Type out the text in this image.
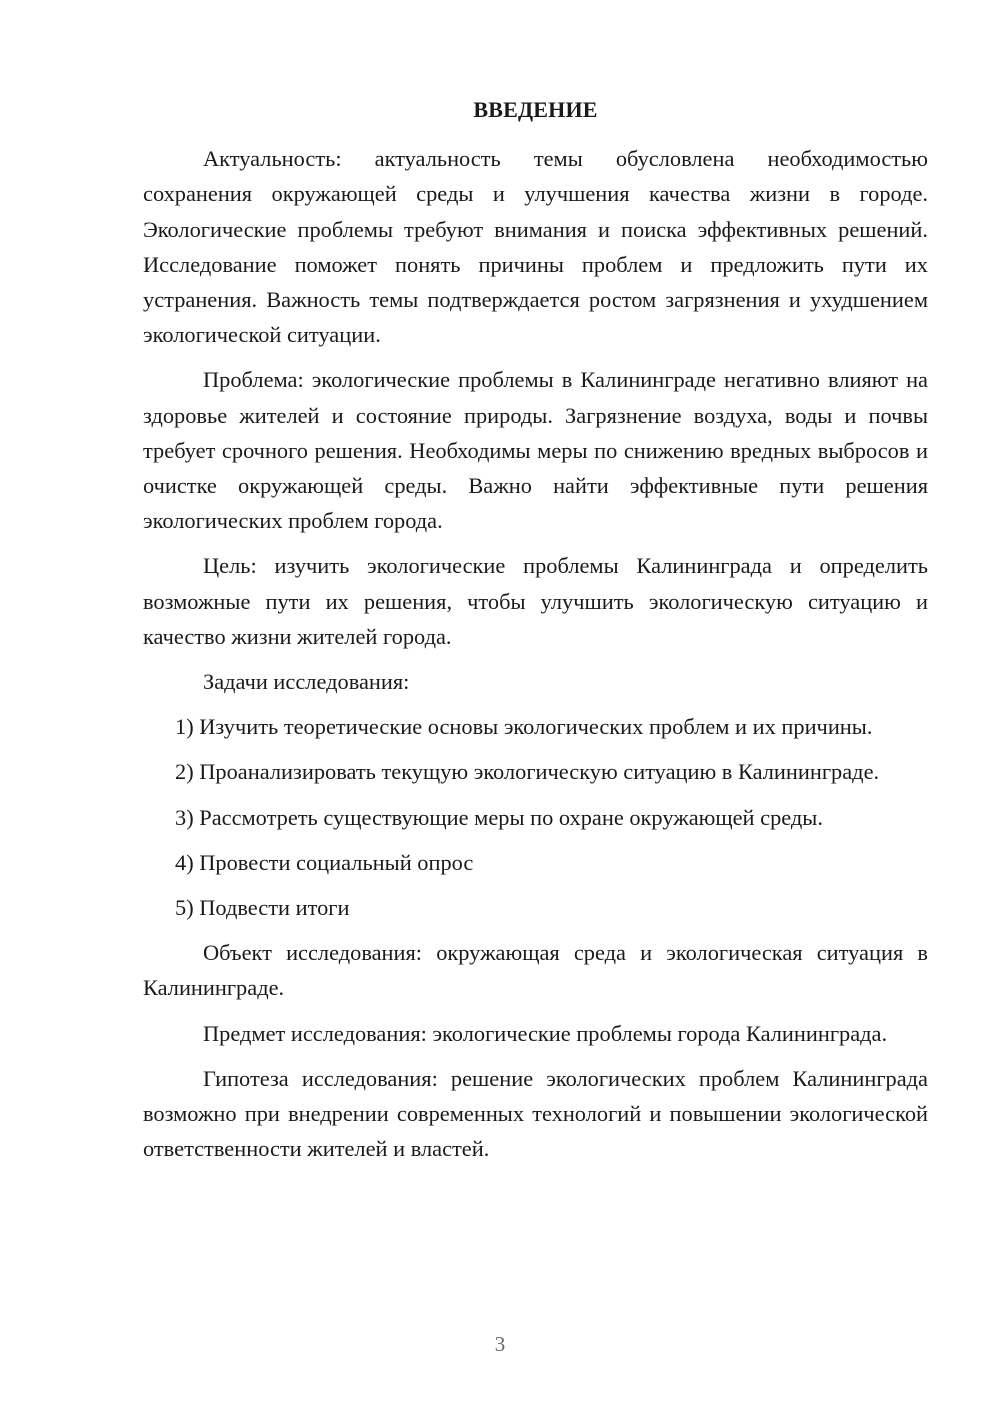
ВВЕДЕНИЕ

Актуальность: актуальность темы обусловлена необходимостью сохранения окружающей среды и улучшения качества жизни в городе. Экологические проблемы требуют внимания и поиска эффективных решений. Исследование поможет понять причины проблем и предложить пути их устранения. Важность темы подтверждается ростом загрязнения и ухудшением экологической ситуации.

Проблема: экологические проблемы в Калининграде негативно влияют на здоровье жителей и состояние природы. Загрязнение воздуха, воды и почвы требует срочного решения. Необходимы меры по снижению вредных выбросов и очистке окружающей среды. Важно найти эффективные пути решения экологических проблем города.

Цель: изучить экологические проблемы Калининграда и определить возможные пути их решения, чтобы улучшить экологическую ситуацию и качество жизни жителей города.

Задачи исследования:

1) Изучить теоретические основы экологических проблем и их причины.

2) Проанализировать текущую экологическую ситуацию в Калининграде.

3) Рассмотреть существующие меры по охране окружающей среды.

4) Провести социальный опрос

5) Подвести итоги

Объект исследования: окружающая среда и экологическая ситуация в Калининграде.

Предмет исследования: экологические проблемы города Калининграда.

Гипотеза исследования: решение экологических проблем Калининграда возможно при внедрении современных технологий и повышении экологической ответственности жителей и властей.

3
